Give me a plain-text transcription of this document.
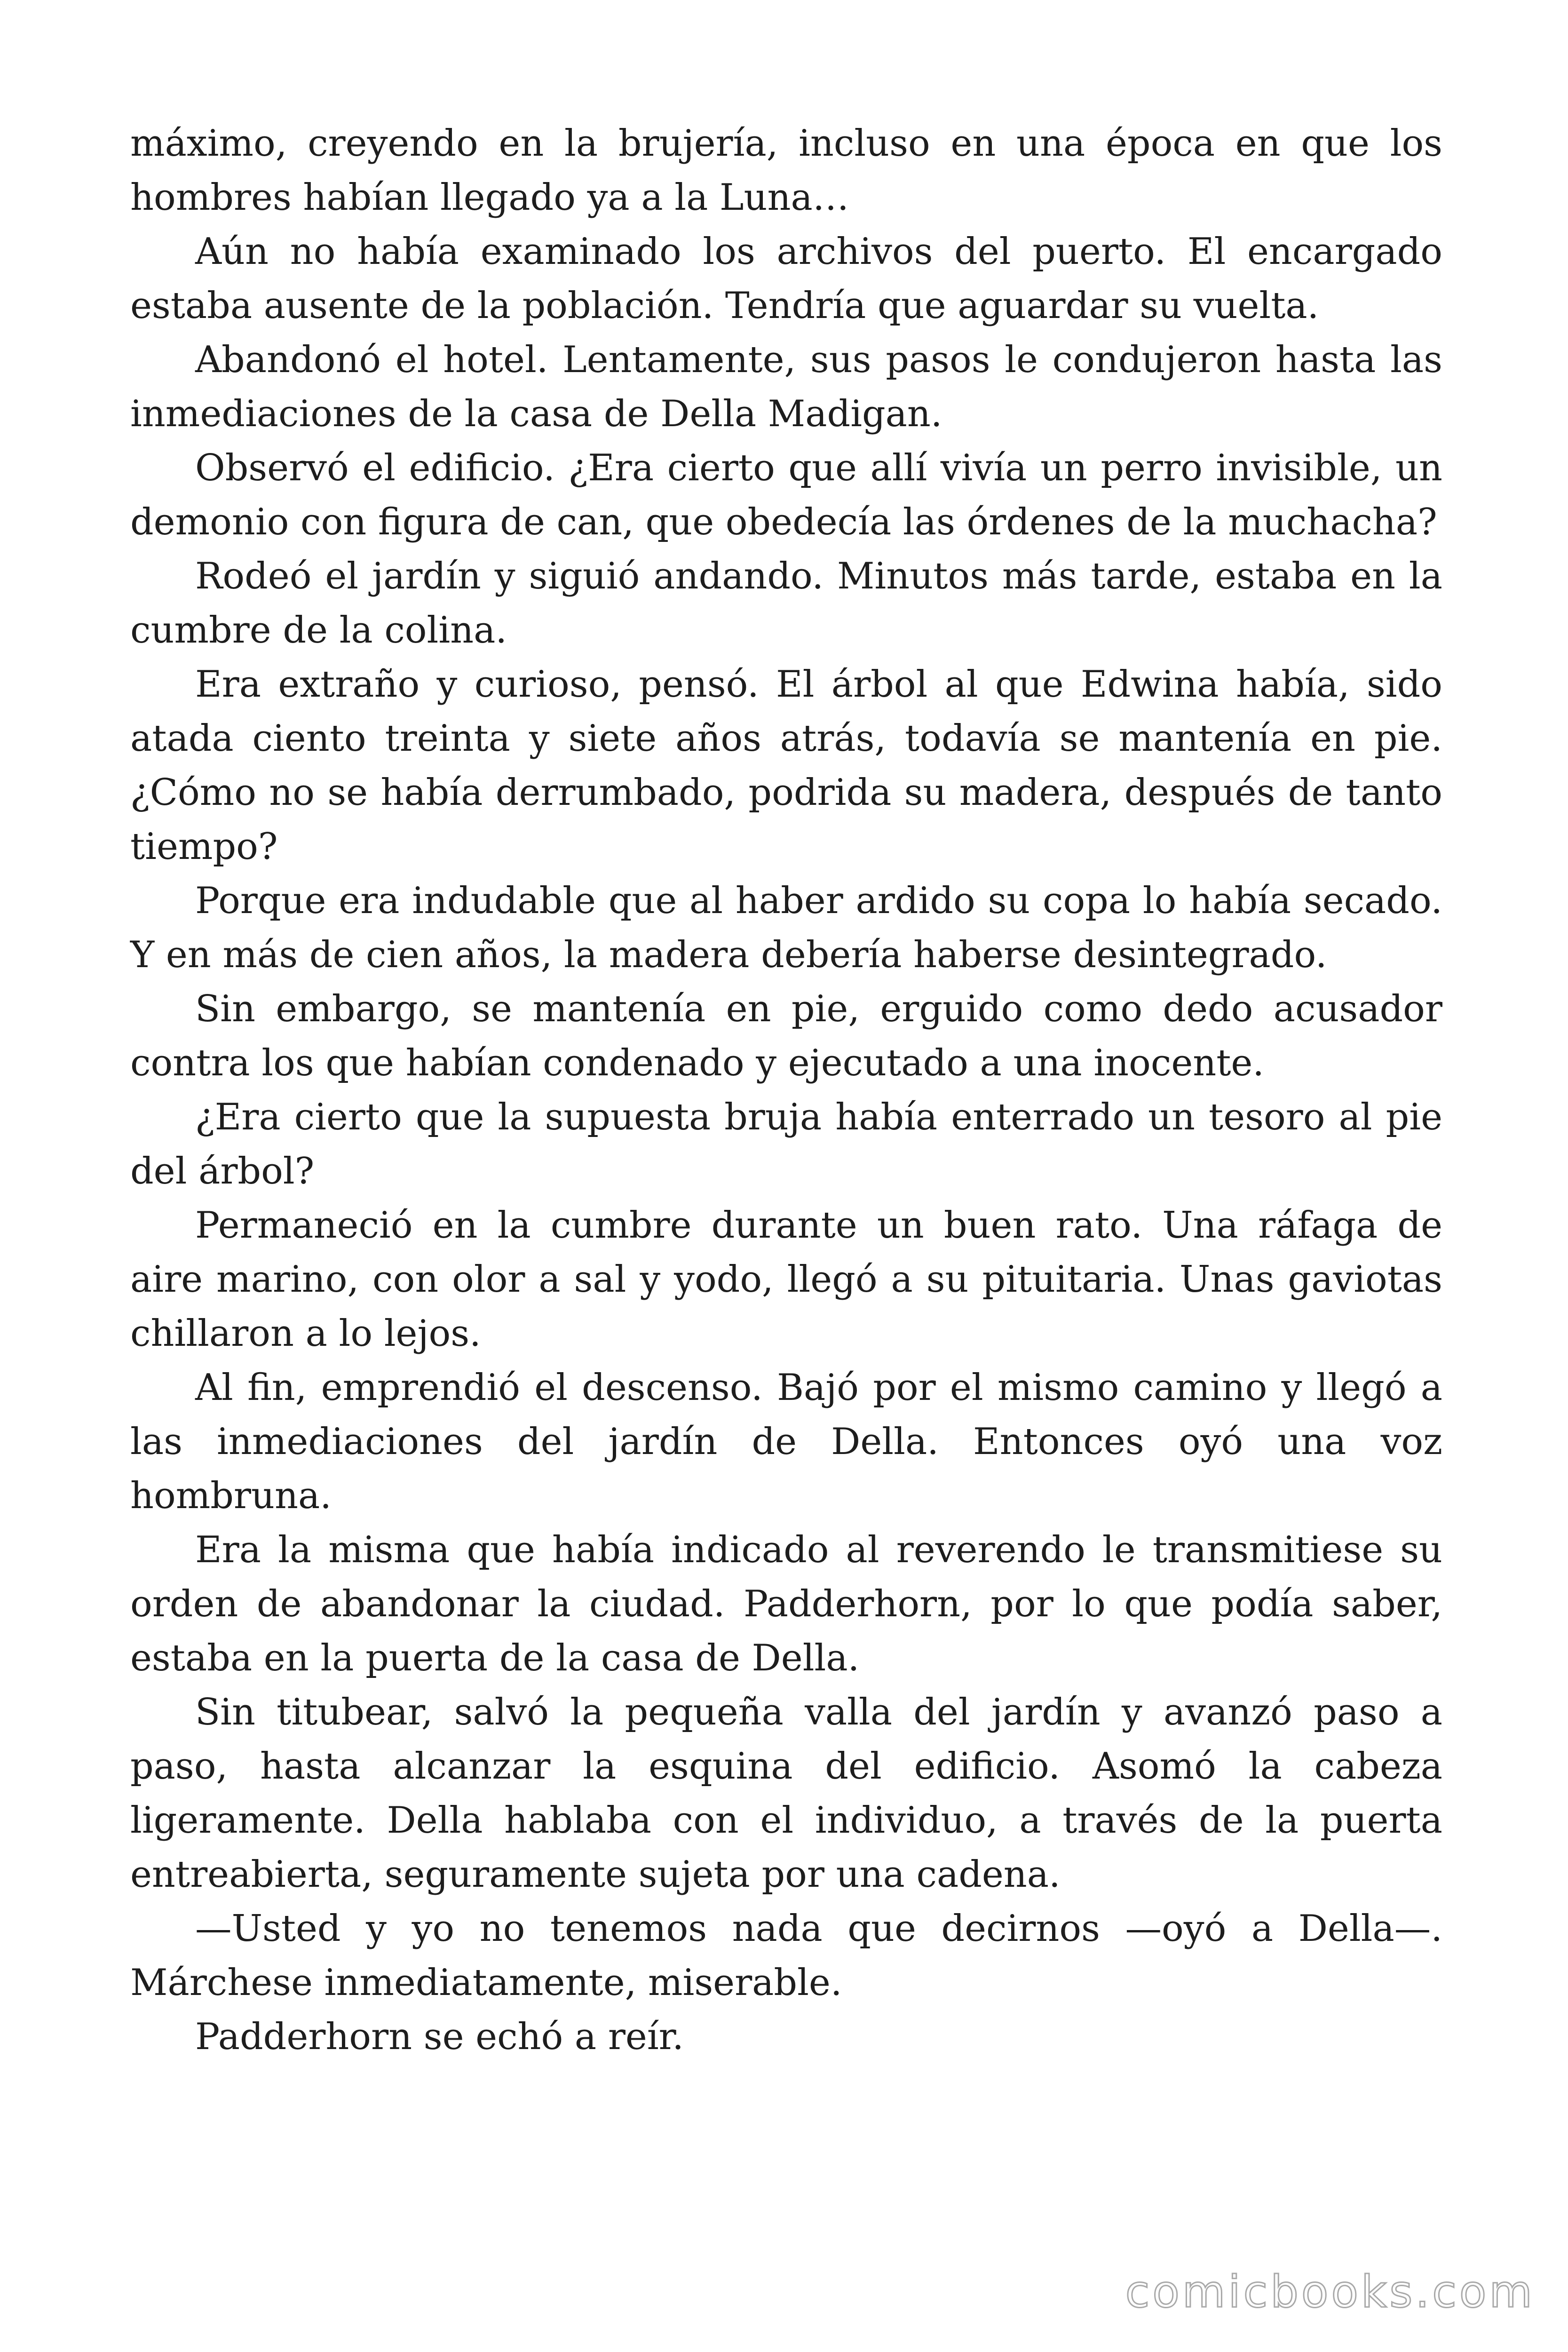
máximo, creyendo en la brujería, incluso en una época en que los hombres habían llegado ya a la Luna…

Aún no había examinado los archivos del puerto. El encargado estaba ausente de la población. Tendría que aguardar su vuelta.

Abandonó el hotel. Lentamente, sus pasos le condujeron hasta las inmediaciones de la casa de Della Madigan.

Observó el edificio. ¿Era cierto que allí vivía un perro invisible, un demonio con figura de can, que obedecía las órdenes de la muchacha?

Rodeó el jardín y siguió andando. Minutos más tarde, estaba en la cumbre de la colina.

Era extraño y curioso, pensó. El árbol al que Edwina había, sido atada ciento treinta y siete años atrás, todavía se mantenía en pie. ¿Cómo no se había derrumbado, podrida su madera, después de tanto tiempo?

Porque era indudable que al haber ardido su copa lo había secado. Y en más de cien años, la madera debería haberse desintegrado.

Sin embargo, se mantenía en pie, erguido como dedo acusador contra los que habían condenado y ejecutado a una inocente.

¿Era cierto que la supuesta bruja había enterrado un tesoro al pie del árbol?

Permaneció en la cumbre durante un buen rato. Una ráfaga de aire marino, con olor a sal y yodo, llegó a su pituitaria. Unas gaviotas chillaron a lo lejos.

Al fin, emprendió el descenso. Bajó por el mismo camino y llegó a las inmediaciones del jardín de Della. Entonces oyó una voz hombruna.

Era la misma que había indicado al reverendo le transmitiese su orden de abandonar la ciudad. Padderhorn, por lo que podía saber, estaba en la puerta de la casa de Della.

Sin titubear, salvó la pequeña valla del jardín y avanzó paso a paso, hasta alcanzar la esquina del edificio. Asomó la cabeza ligeramente. Della hablaba con el individuo, a través de la puerta entreabierta, seguramente sujeta por una cadena.

—Usted y yo no tenemos nada que decirnos —oyó a Della—. Márchese inmediatamente, miserable.

Padderhorn se echó a reír.

comicbooks.com
